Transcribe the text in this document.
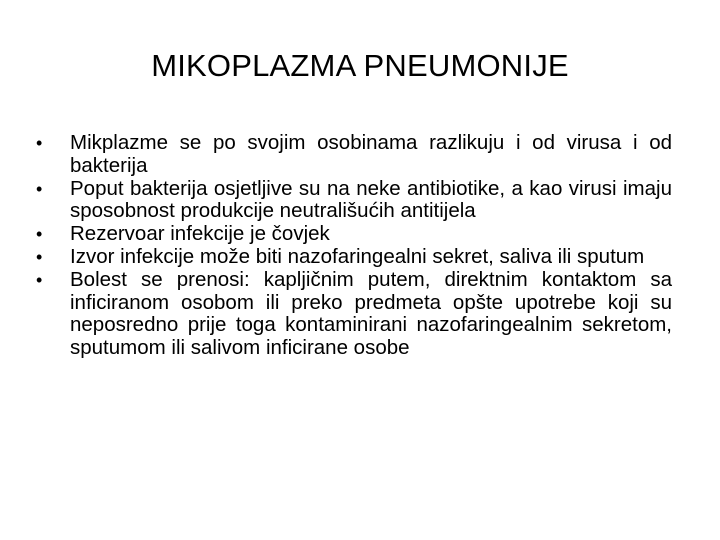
MIKOPLAZMA PNEUMONIJE
•	Mikplazme se po svojim osobinama razlikuju i od virusa i od bakterija
•	Poput bakterija osjetljive su na neke antibiotike, a kao virusi imaju sposobnost produkcije neutrališućih antitijela
•	Rezervoar infekcije je čovjek
•	Izvor infekcije može biti nazofaringealni sekret, saliva ili sputum
•	Bolest se prenosi: kapljičnim putem, direktnim kontaktom sa inficiranom osobom ili preko predmeta opšte upotrebe koji su neposredno prije toga kontaminirani nazofaringealnim sekretom, sputumom ili salivom inficirane osobe
